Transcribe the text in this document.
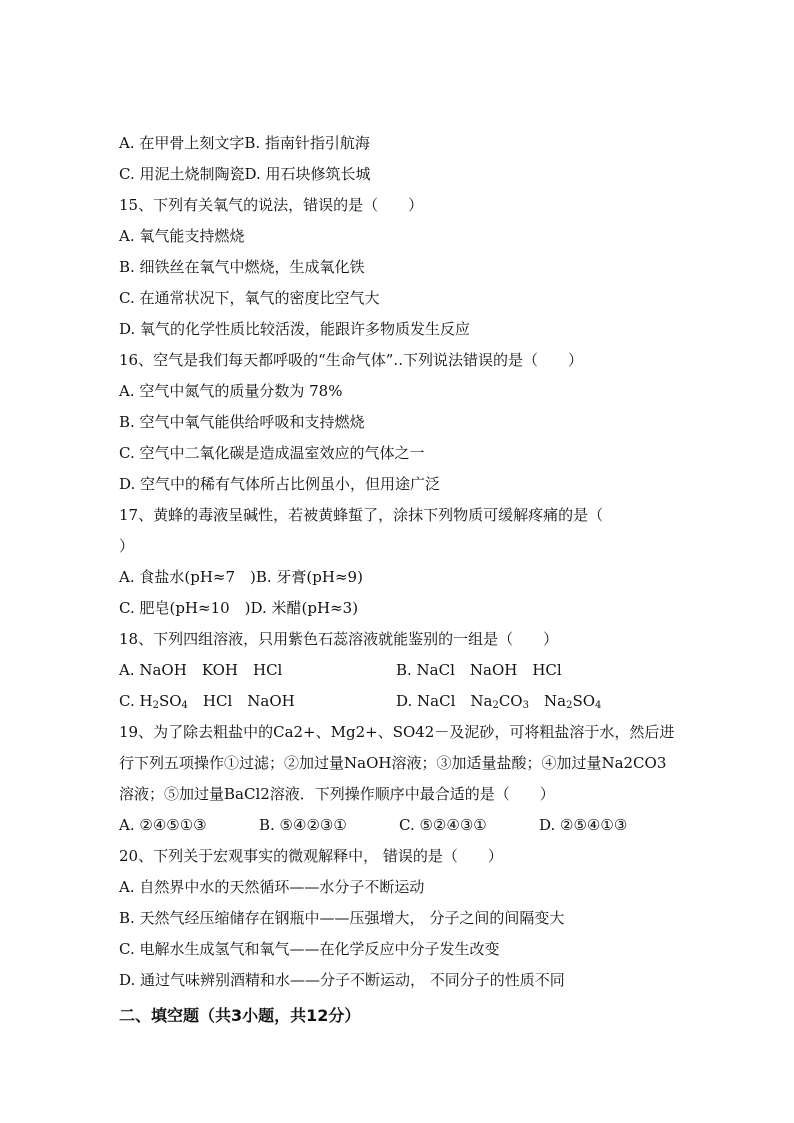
A. 在甲骨上刻文字B. 指南针指引航海
C. 用泥土烧制陶瓷D. 用石块修筑长城
15、下列有关氧气的说法，错误的是（　　）
A. 氧气能支持燃烧
B. 细铁丝在氧气中燃烧，生成氧化铁
C. 在通常状况下，氧气的密度比空气大
D. 氧气的化学性质比较活泼，能跟许多物质发生反应
16、空气是我们每天都呼吸的“生命气体”..下列说法错误的是（　　）
A. 空气中氮气的质量分数为 78%
B. 空气中氧气能供给呼吸和支持燃烧
C. 空气中二氧化碳是造成温室效应的气体之一
D. 空气中的稀有气体所占比例虽小，但用途广泛
17、黄蜂的毒液呈碱性，若被黄蜂蜇了，涂抹下列物质可缓解疼痛的是（
）
A. 食盐水(pH≈7　)B. 牙膏(pH≈9)
C. 肥皂(pH≈10　)D. 米醋(pH≈3)
18、下列四组溶液，只用紫色石蕊溶液就能鉴别的一组是（　　）
A. NaOH　KOH　HCl	B. NaCl　NaOH　HCl
C. $H_2SO_4$　HCl　NaOH	D. NaCl　$Na_2CO_3$　$Na_2SO_4$
19、为了除去粗盐中的Ca2+、Mg2+、SO42－及泥砂，可将粗盐溶于水，然后进
行下列五项操作①过滤；②加过量NaOH溶液；③加适量盐酸；④加过量Na2CO3
溶液；⑤加过量BaCl2溶液．下列操作顺序中最合适的是（　　）
A. ②④⑤①③	B. ⑤④②③①	C. ⑤②④③①	D. ②⑤④①③
20、下列关于宏观事实的微观解释中， 错误的是（　　）
A. 自然界中水的天然循环——水分子不断运动
B. 天然气经压缩储存在钢瓶中——压强增大， 分子之间的间隔变大
C. 电解水生成氢气和氧气——在化学反应中分子发生改变
D. 通过气味辨别酒精和水——分子不断运动， 不同分子的性质不同
二、填空题（共3小题，共12分）
